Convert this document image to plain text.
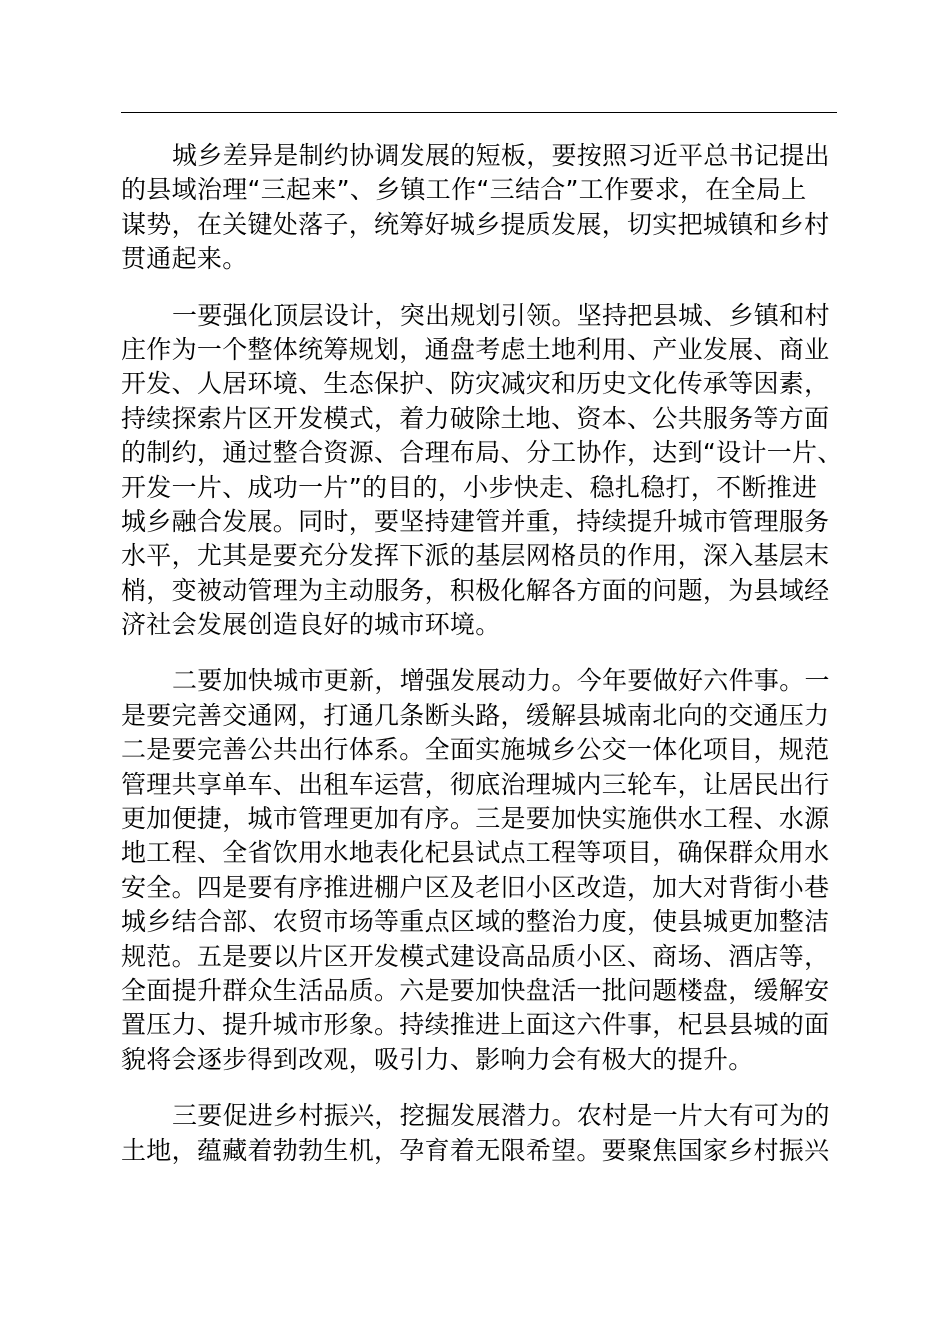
城乡差异是制约协调发展的短板，要按照习近平总书记提出
的县域治理“三起来”、乡镇工作“三结合”工作要求，在全局上
谋势，在关键处落子，统筹好城乡提质发展，切实把城镇和乡村
贯通起来。

一要强化顶层设计，突出规划引领。坚持把县城、乡镇和村
庄作为一个整体统筹规划，通盘考虑土地利用、产业发展、商业
开发、人居环境、生态保护、防灾减灾和历史文化传承等因素，
持续探索片区开发模式，着力破除土地、资本、公共服务等方面
的制约，通过整合资源、合理布局、分工协作，达到“设计一片、
开发一片、成功一片”的目的，小步快走、稳扎稳打，不断推进
城乡融合发展。同时，要坚持建管并重，持续提升城市管理服务
水平，尤其是要充分发挥下派的基层网格员的作用，深入基层末
梢，变被动管理为主动服务，积极化解各方面的问题，为县域经
济社会发展创造良好的城市环境。

二要加快城市更新，增强发展动力。今年要做好六件事。一
是要完善交通网，打通几条断头路，缓解县城南北向的交通压力
二是要完善公共出行体系。全面实施城乡公交一体化项目，规范
管理共享单车、出租车运营，彻底治理城内三轮车，让居民出行
更加便捷，城市管理更加有序。三是要加快实施供水工程、水源
地工程、全省饮用水地表化杞县试点工程等项目，确保群众用水
安全。四是要有序推进棚户区及老旧小区改造，加大对背街小巷
城乡结合部、农贸市场等重点区域的整治力度，使县城更加整洁
规范。五是要以片区开发模式建设高品质小区、商场、酒店等，
全面提升群众生活品质。六是要加快盘活一批问题楼盘，缓解安
置压力、提升城市形象。持续推进上面这六件事，杞县县城的面
貌将会逐步得到改观，吸引力、影响力会有极大的提升。

三要促进乡村振兴，挖掘发展潜力。农村是一片大有可为的
土地，蕴藏着勃勃生机，孕育着无限希望。要聚焦国家乡村振兴
